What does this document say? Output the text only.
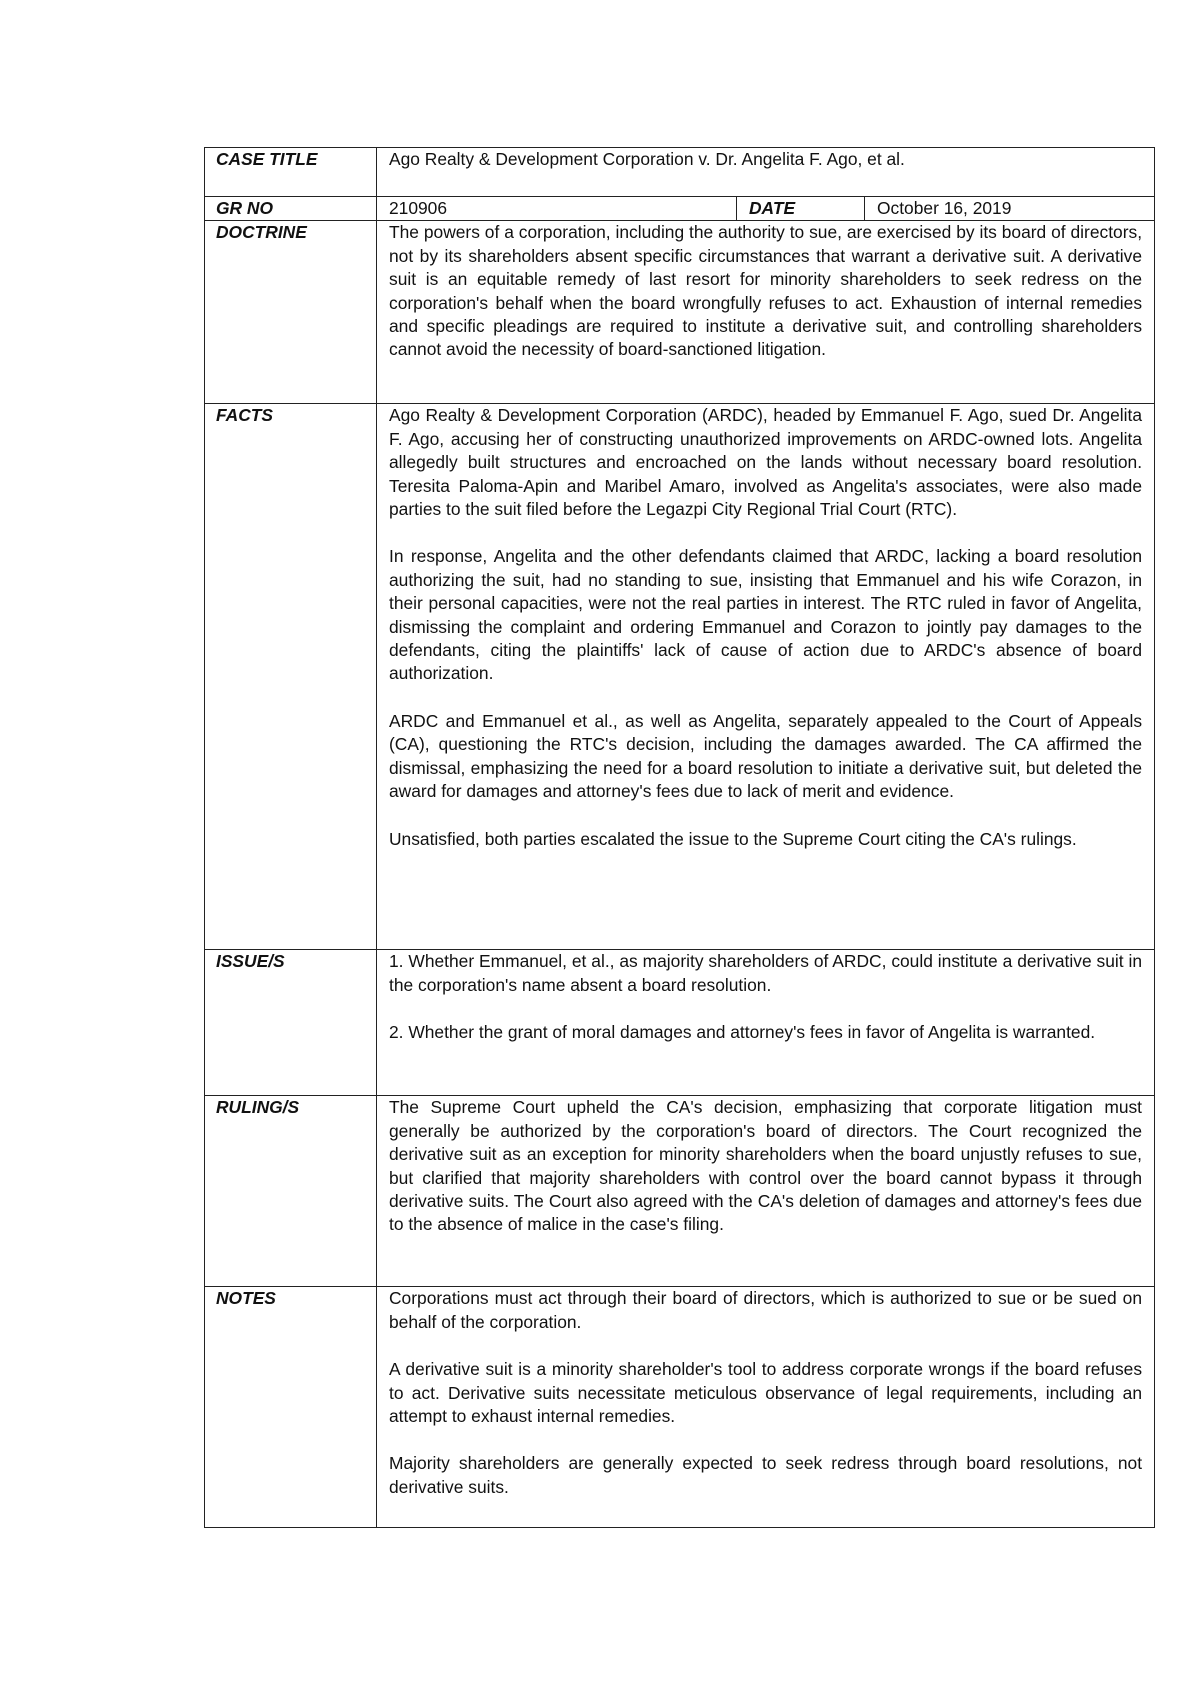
CASE TITLE	Ago Realty & Development Corporation v. Dr. Angelita F. Ago, et al.		
GR NO	210906	DATE	October 16, 2019
DOCTRINE	The powers of a corporation, including the authority to sue, are exercised by its board of directors, not by its shareholders absent specific circumstances that warrant a derivative suit. A derivative suit is an equitable remedy of last resort for minority shareholders to seek redress on the corporation's behalf when the board wrongfully refuses to act. Exhaustion of internal remedies and specific pleadings are required to institute a derivative suit, and controlling shareholders cannot avoid the necessity of board-sanctioned litigation.		

FACTS	Ago Realty & Development Corporation (ARDC), headed by Emmanuel F. Ago, sued Dr. Angelita F. Ago, accusing her of constructing unauthorized improvements on ARDC-owned lots. Angelita allegedly built structures and encroached on the lands without necessary board resolution. Teresita Paloma-Apin and Maribel Amaro, involved as Angelita's associates, were also made parties to the suit filed before the Legazpi City Regional Trial Court (RTC).

In response, Angelita and the other defendants claimed that ARDC, lacking a board resolution authorizing the suit, had no standing to sue, insisting that Emmanuel and his wife Corazon, in their personal capacities, were not the real parties in interest. The RTC ruled in favor of Angelita, dismissing the complaint and ordering Emmanuel and Corazon to jointly pay damages to the defendants, citing the plaintiffs' lack of cause of action due to ARDC's absence of board authorization.

ARDC and Emmanuel et al., as well as Angelita, separately appealed to the Court of Appeals (CA), questioning the RTC's decision, including the damages awarded. The CA affirmed the dismissal, emphasizing the need for a board resolution to initiate a derivative suit, but deleted the award for damages and attorney's fees due to lack of merit and evidence.

Unsatisfied, both parties escalated the issue to the Supreme Court citing the CA's rulings.		

ISSUE/S	1. Whether Emmanuel, et al., as majority shareholders of ARDC, could institute a derivative suit in the corporation's name absent a board resolution.

2. Whether the grant of moral damages and attorney's fees in favor of Angelita is warranted.		

RULING/S	The Supreme Court upheld the CA's decision, emphasizing that corporate litigation must generally be authorized by the corporation's board of directors. The Court recognized the derivative suit as an exception for minority shareholders when the board unjustly refuses to sue, but clarified that majority shareholders with control over the board cannot bypass it through derivative suits. The Court also agreed with the CA's deletion of damages and attorney's fees due to the absence of malice in the case's filing.		

NOTES	Corporations must act through their board of directors, which is authorized to sue or be sued on behalf of the corporation.

A derivative suit is a minority shareholder's tool to address corporate wrongs if the board refuses to act. Derivative suits necessitate meticulous observance of legal requirements, including an attempt to exhaust internal remedies.

Majority shareholders are generally expected to seek redress through board resolutions, not derivative suits.		
